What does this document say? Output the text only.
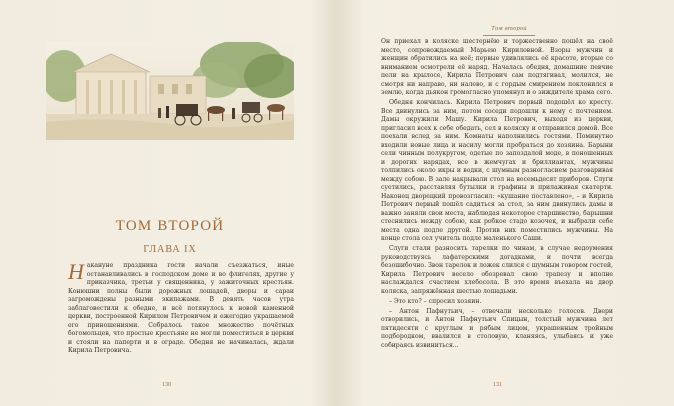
ТОМ ВТОРОЙ
ГЛАВА IX

Накануне праздника гости начали съезжаться, иные останавливались в господском доме и во флигелях, другие у приказчика, третьи у священника, у зажиточных крестьян. Конюшни полны были дорожных лошадей, дворы и сараи загромождены разными экипажами. В девять часов утра заблаговестили к обедне, и всё потянулось к новой каменной церкви, построенной Кирилом Петровичем и ежегодно украшаемой его приношениями. Собралось такое множество почётных богомольцев, что простые крестьяне не могли поместиться в церкви и стояли на паперти и в ограде. Обедня не начиналась, ждали Кирила Петровича.

130
Том второй

Он приехал в коляске шестернёю и торжественно пошёл на своё место, сопровождаемый Марьею Кириловной. Взоры мужчин и женщин обратились на неё; первые удивлялись её красоте, вторые со вниманием осмотрели её наряд. Началась обедня, домашние певчие пели на крылосе, Кирила Петрович сам подтягивал, молился, не смотря ни направо, ни налево, и с гордым смирением поклонился в землю, когда дьякон громогласно упомянул и о зиждителе храма сего.

Обедня кончилась. Кирила Петрович первый подошёл ко кресту. Все двинулись за ним, потом соседи подошли к нему с почтением. Дамы окружили Машу. Кирила Петрович, выходя из церкви, пригласил всех к себе обедать, сел в коляску и отправился домой. Все поехали вслед за ним. Комнаты наполнились гостями. Поминутно входили новые лица и насилу могли пробраться до хозяина. Барыни сели чинным полукругом, одетые по запоздалой моде, в поношенных и дорогих нарядах, все в жемчугах и бриллиантах, мужчины толпились около икры и водки, с шумным разногласием разговаривая между собою. В зале накрывали стол на восемьдесят приборов. Слуги суетились, расставляя бутылки и графины и прилаживая скатерти. Наконец дворецкий провозгласил: «кушание поставлено», – и Кирила Петрович первый пошёл садиться за стол, за ним двинулись дамы и важно заняли свои места, наблюдая некоторое старшинство, барышни стеснились между собою, как робкое стадо козочек, и выбрали себе места одна подле другой. Против них поместились мужчины. На конце стола сел учитель подле маленького Саши.

Слуги стали разносить тарелки по чинам, в случае недоумения руководствуясь лафатерскими догадками, и почти всегда безошибочно. Звон тарелок и ложек слился с шумным говором гостей, Кирила Петрович весело обозревал свою трапезу и вполне наслаждался счастием хлебосола. В это время въехала на двор коляска, запряжённая шестью лошадьми.

– Это кто? – спросил хозяин.

– Антон Пафнутьич, – отвечали несколько голосов. Двери отворились, и Антон Пафнутьич Спицын, толстый мужчина лет пятидесяти с круглым и рябым лицом, украшенным тройным подбородком, ввалился в столовую, кланяясь, улыбаясь и уже собираясь извиниться...

131
